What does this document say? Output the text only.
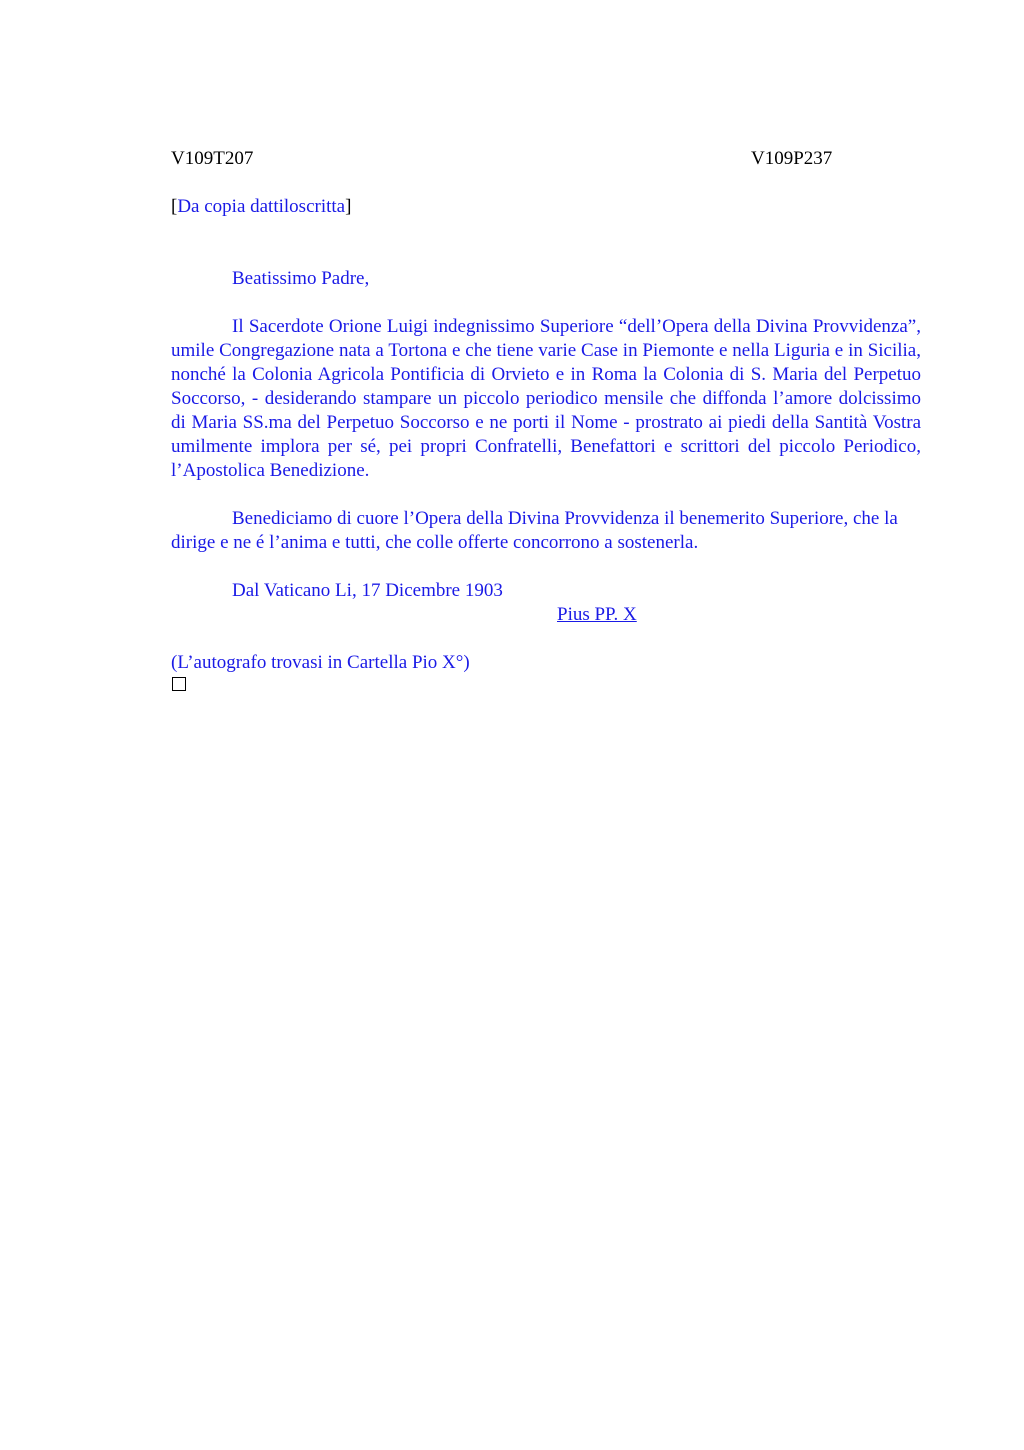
V109T207	V109P237
[Da copia dattiloscritta]
Beatissimo Padre,

Il Sacerdote Orione Luigi indegnissimo Superiore “dell’Opera della Divina Provvidenza”, umile Congregazione nata a Tortona e che tiene varie Case in Piemonte e nella Liguria e in Sicilia, nonché la Colonia Agricola Pontificia di Orvieto e in Roma la Colonia di S. Maria del Perpetuo Soccorso, - desiderando stampare un piccolo periodico mensile che diffonda l’amore dolcissimo di Maria SS.ma del Perpetuo Soccorso e ne porti il Nome - prostrato ai piedi della Santità Vostra umilmente implora per sé, pei propri Confratelli, Benefattori e scrittori del piccolo Periodico, l’Apostolica Benedizione.

Benediciamo di cuore l’Opera della Divina Provvidenza il benemerito Superiore, che la dirige e ne é l’anima e tutti, che colle offerte concorrono a sostenerla.

Dal Vaticano Li, 17 Dicembre 1903
Pius PP. X
(L’autografo trovasi in Cartella Pio X°)
